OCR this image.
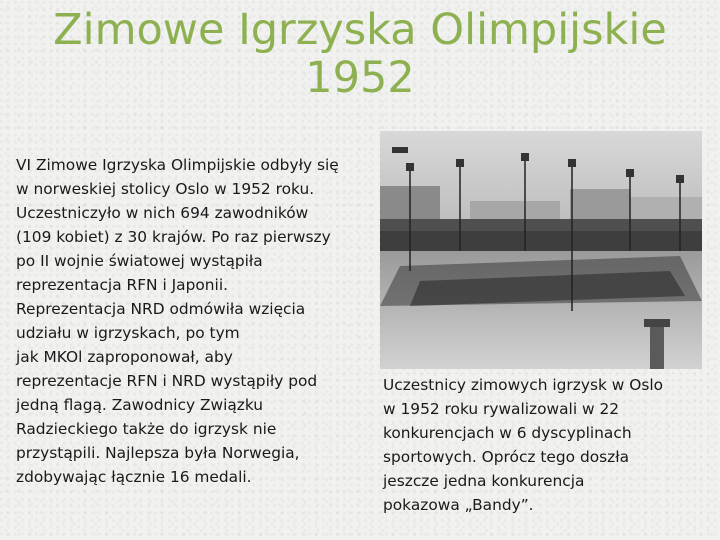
Zimowe Igrzyska Olimpijskie
1952
VI Zimowe Igrzyska Olimpijskie odbyły się
w norweskiej stolicy Oslo w 1952 roku.
Uczestniczyło w nich 694 zawodników
(109 kobiet) z 30 krajów. Po raz pierwszy
po II wojnie światowej wystąpiła
reprezentacja RFN i Japonii.
Reprezentacja NRD odmówiła wzięcia
udziału w igrzyskach, po tym
jak MKOl zaproponował, aby
reprezentacje RFN i NRD wystąpiły pod
jedną flagą. Zawodnicy Związku
Radzieckiego także do igrzysk nie
przystąpili. Najlepsza była Norwegia,
zdobywając łącznie 16 medali.
Uczestnicy zimowych igrzysk w Oslo
w 1952 roku rywalizowali w 22
konkurencjach w 6 dyscyplinach
sportowych. Oprócz tego doszła
jeszcze jedna konkurencja
pokazowa „Bandy”.
